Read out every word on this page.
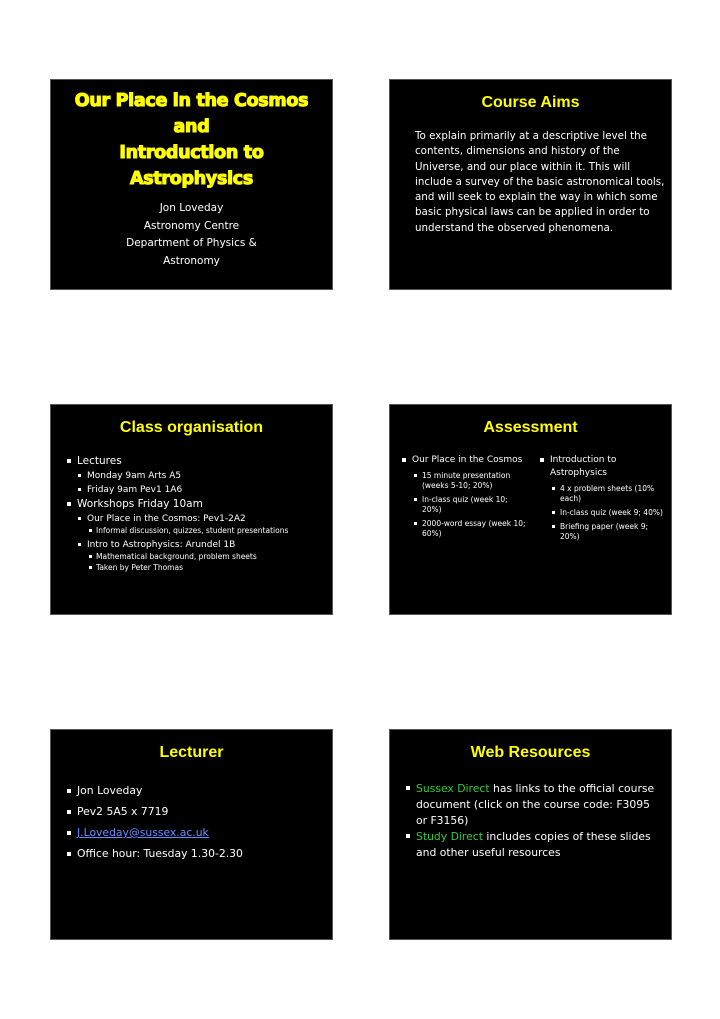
Our Place in the Cosmos
and
Introduction to
Astrophysics
Jon Loveday
Astronomy Centre
Department of Physics &
Astronomy
Course Aims
To explain primarily at a descriptive level the contents, dimensions and history of the Universe, and our place within it. This will include a survey of the basic astronomical tools, and will seek to explain the way in which some basic physical laws can be applied in order to understand the observed phenomena.
Class organisation
Lectures
Monday 9am Arts A5
Friday 9am Pev1 1A6
Workshops Friday 10am
Our Place in the Cosmos: Pev1-2A2
Informal discussion, quizzes, student presentations
Intro to Astrophysics: Arundel 1B
Mathematical background, problem sheets
Taken by Peter Thomas
Assessment
Our Place in the Cosmos
15 minute presentation (weeks 5-10; 20%)
In-class quiz (week 10; 20%)
2000-word essay (week 10; 60%)
Introduction to Astrophysics
4 x problem sheets (10% each)
In-class quiz (week 9; 40%)
Briefing paper (week 9; 20%)
Lecturer
Jon Loveday
Pev2 5A5 x 7719
J.Loveday@sussex.ac.uk
Office hour: Tuesday 1.30-2.30
Web Resources
Sussex Direct has links to the official course document (click on the course code: F3095 or F3156)
Study Direct includes copies of these slides and other useful resources
